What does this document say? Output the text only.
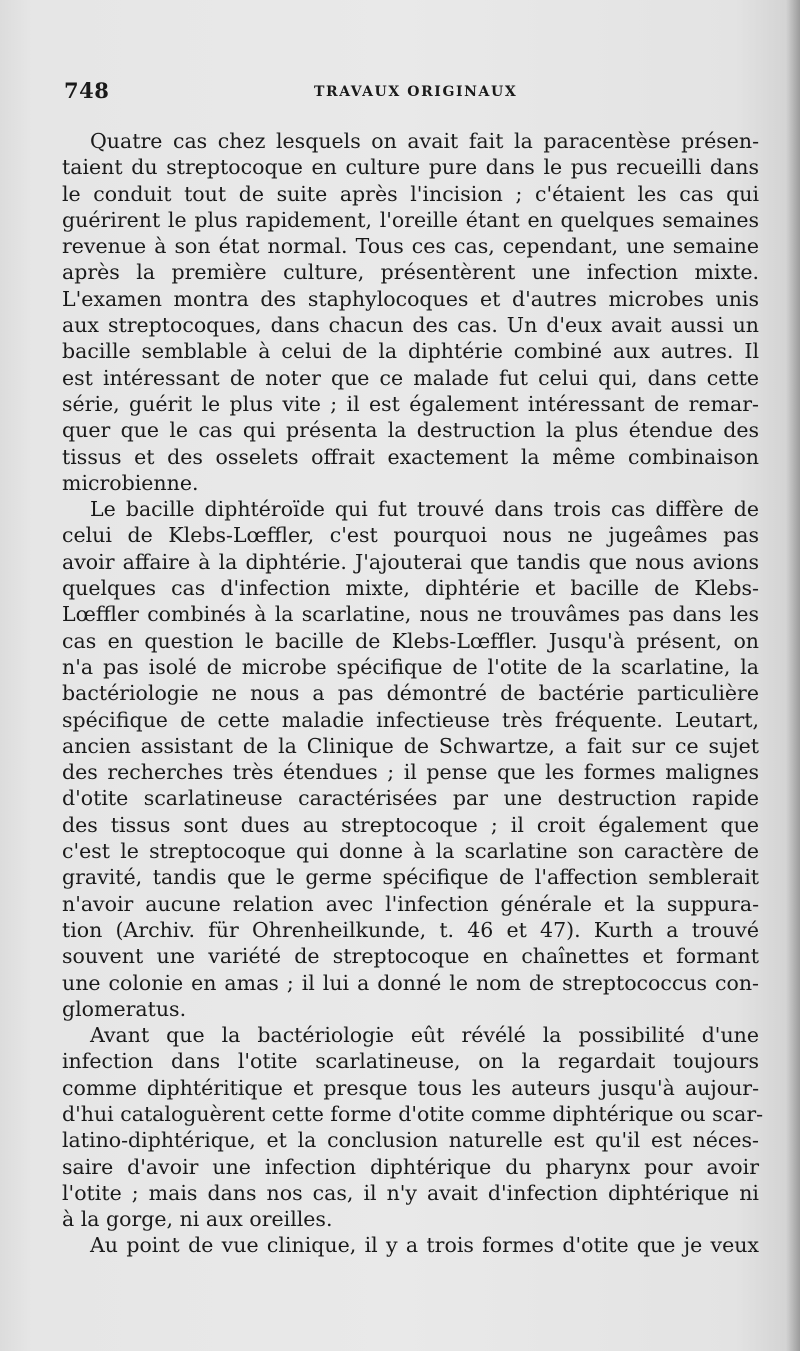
748	TRAVAUX ORIGINAUX
Quatre cas chez lesquels on avait fait la paracentèse présen-
taient du streptocoque en culture pure dans le pus recueilli dans
le conduit tout de suite après l'incision ; c'étaient les cas qui
guérirent le plus rapidement, l'oreille étant en quelques semaines
revenue à son état normal. Tous ces cas, cependant, une semaine
après la première culture, présentèrent une infection mixte.
L'examen montra des staphylocoques et d'autres microbes unis
aux streptocoques, dans chacun des cas. Un d'eux avait aussi un
bacille semblable à celui de la diphtérie combiné aux autres. Il
est intéressant de noter que ce malade fut celui qui, dans cette
série, guérit le plus vite ; il est également intéressant de remar-
quer que le cas qui présenta la destruction la plus étendue des
tissus et des osselets offrait exactement la même combinaison
microbienne.
Le bacille diphtéroïde qui fut trouvé dans trois cas diffère de
celui de Klebs-Lœffler, c'est pourquoi nous ne jugeâmes pas
avoir affaire à la diphtérie. J'ajouterai que tandis que nous avions
quelques cas d'infection mixte, diphtérie et bacille de Klebs-
Lœffler combinés à la scarlatine, nous ne trouvâmes pas dans les
cas en question le bacille de Klebs-Lœffler. Jusqu'à présent, on
n'a pas isolé de microbe spécifique de l'otite de la scarlatine, la
bactériologie ne nous a pas démontré de bactérie particulière
spécifique de cette maladie infectieuse très fréquente. Leutart,
ancien assistant de la Clinique de Schwartze, a fait sur ce sujet
des recherches très étendues ; il pense que les formes malignes
d'otite scarlatineuse caractérisées par une destruction rapide
des tissus sont dues au streptocoque ; il croit également que
c'est le streptocoque qui donne à la scarlatine son caractère de
gravité, tandis que le germe spécifique de l'affection semblerait
n'avoir aucune relation avec l'infection générale et la suppura-
tion (Archiv. für Ohrenheilkunde, t. 46 et 47). Kurth a trouvé
souvent une variété de streptocoque en chaînettes et formant
une colonie en amas ; il lui a donné le nom de streptococcus con-
glomeratus.
Avant que la bactériologie eût révélé la possibilité d'une
infection dans l'otite scarlatineuse, on la regardait toujours
comme diphtéritique et presque tous les auteurs jusqu'à aujour-
d'hui cataloguèrent cette forme d'otite comme diphtérique ou scar-
latino-diphtérique, et la conclusion naturelle est qu'il est néces-
saire d'avoir une infection diphtérique du pharynx pour avoir
l'otite ; mais dans nos cas, il n'y avait d'infection diphtérique ni
à la gorge, ni aux oreilles.
Au point de vue clinique, il y a trois formes d'otite que je veux
